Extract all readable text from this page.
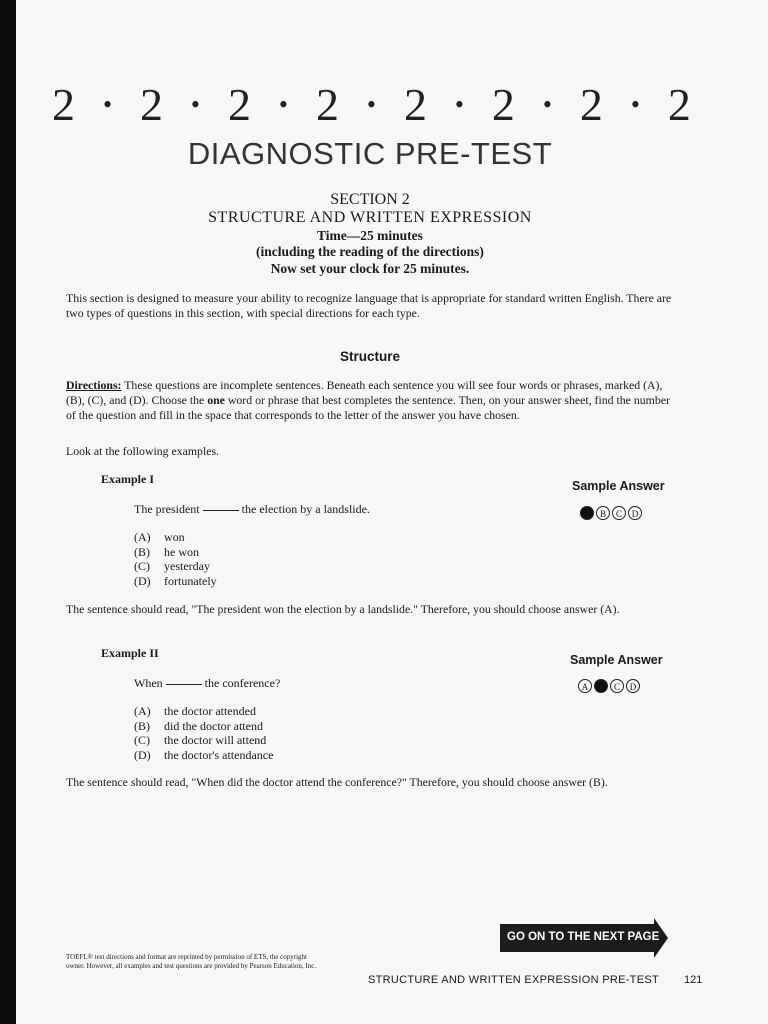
2 • 2 • 2 • 2 • 2 • 2 • 2 • 2
DIAGNOSTIC PRE-TEST
SECTION 2
STRUCTURE AND WRITTEN EXPRESSION
Time—25 minutes
(including the reading of the directions)
Now set your clock for 25 minutes.
This section is designed to measure your ability to recognize language that is appropriate for standard written English. There are two types of questions in this section, with special directions for each type.
Structure
Directions: These questions are incomplete sentences. Beneath each sentence you will see four words or phrases, marked (A), (B), (C), and (D). Choose the one word or phrase that best completes the sentence. Then, on your answer sheet, find the number of the question and fill in the space that corresponds to the letter of the answer you have chosen.
Look at the following examples.
Example I	Sample Answer
The president	the election by a landslide.	A	B	C	D
(A)	won
(B)	he won
(C)	yesterday
(D)	fortunately
The sentence should read, "The president won the election by a landslide." Therefore, you should choose answer (A).
Example II	Sample Answer
When	the conference?	A	B	C	D
(A)	the doctor attended
(B)	did the doctor attend
(C)	the doctor will attend
(D)	the doctor's attendance
The sentence should read, "When did the doctor attend the conference?" Therefore, you should choose answer (B).
GO ON TO THE NEXT PAGE
TOEFL® test directions and format are reprinted by permission of ETS, the copyright owner. However, all examples and test questions are provided by Pearson Education, Inc.
STRUCTURE AND WRITTEN EXPRESSION PRE-TEST 121
